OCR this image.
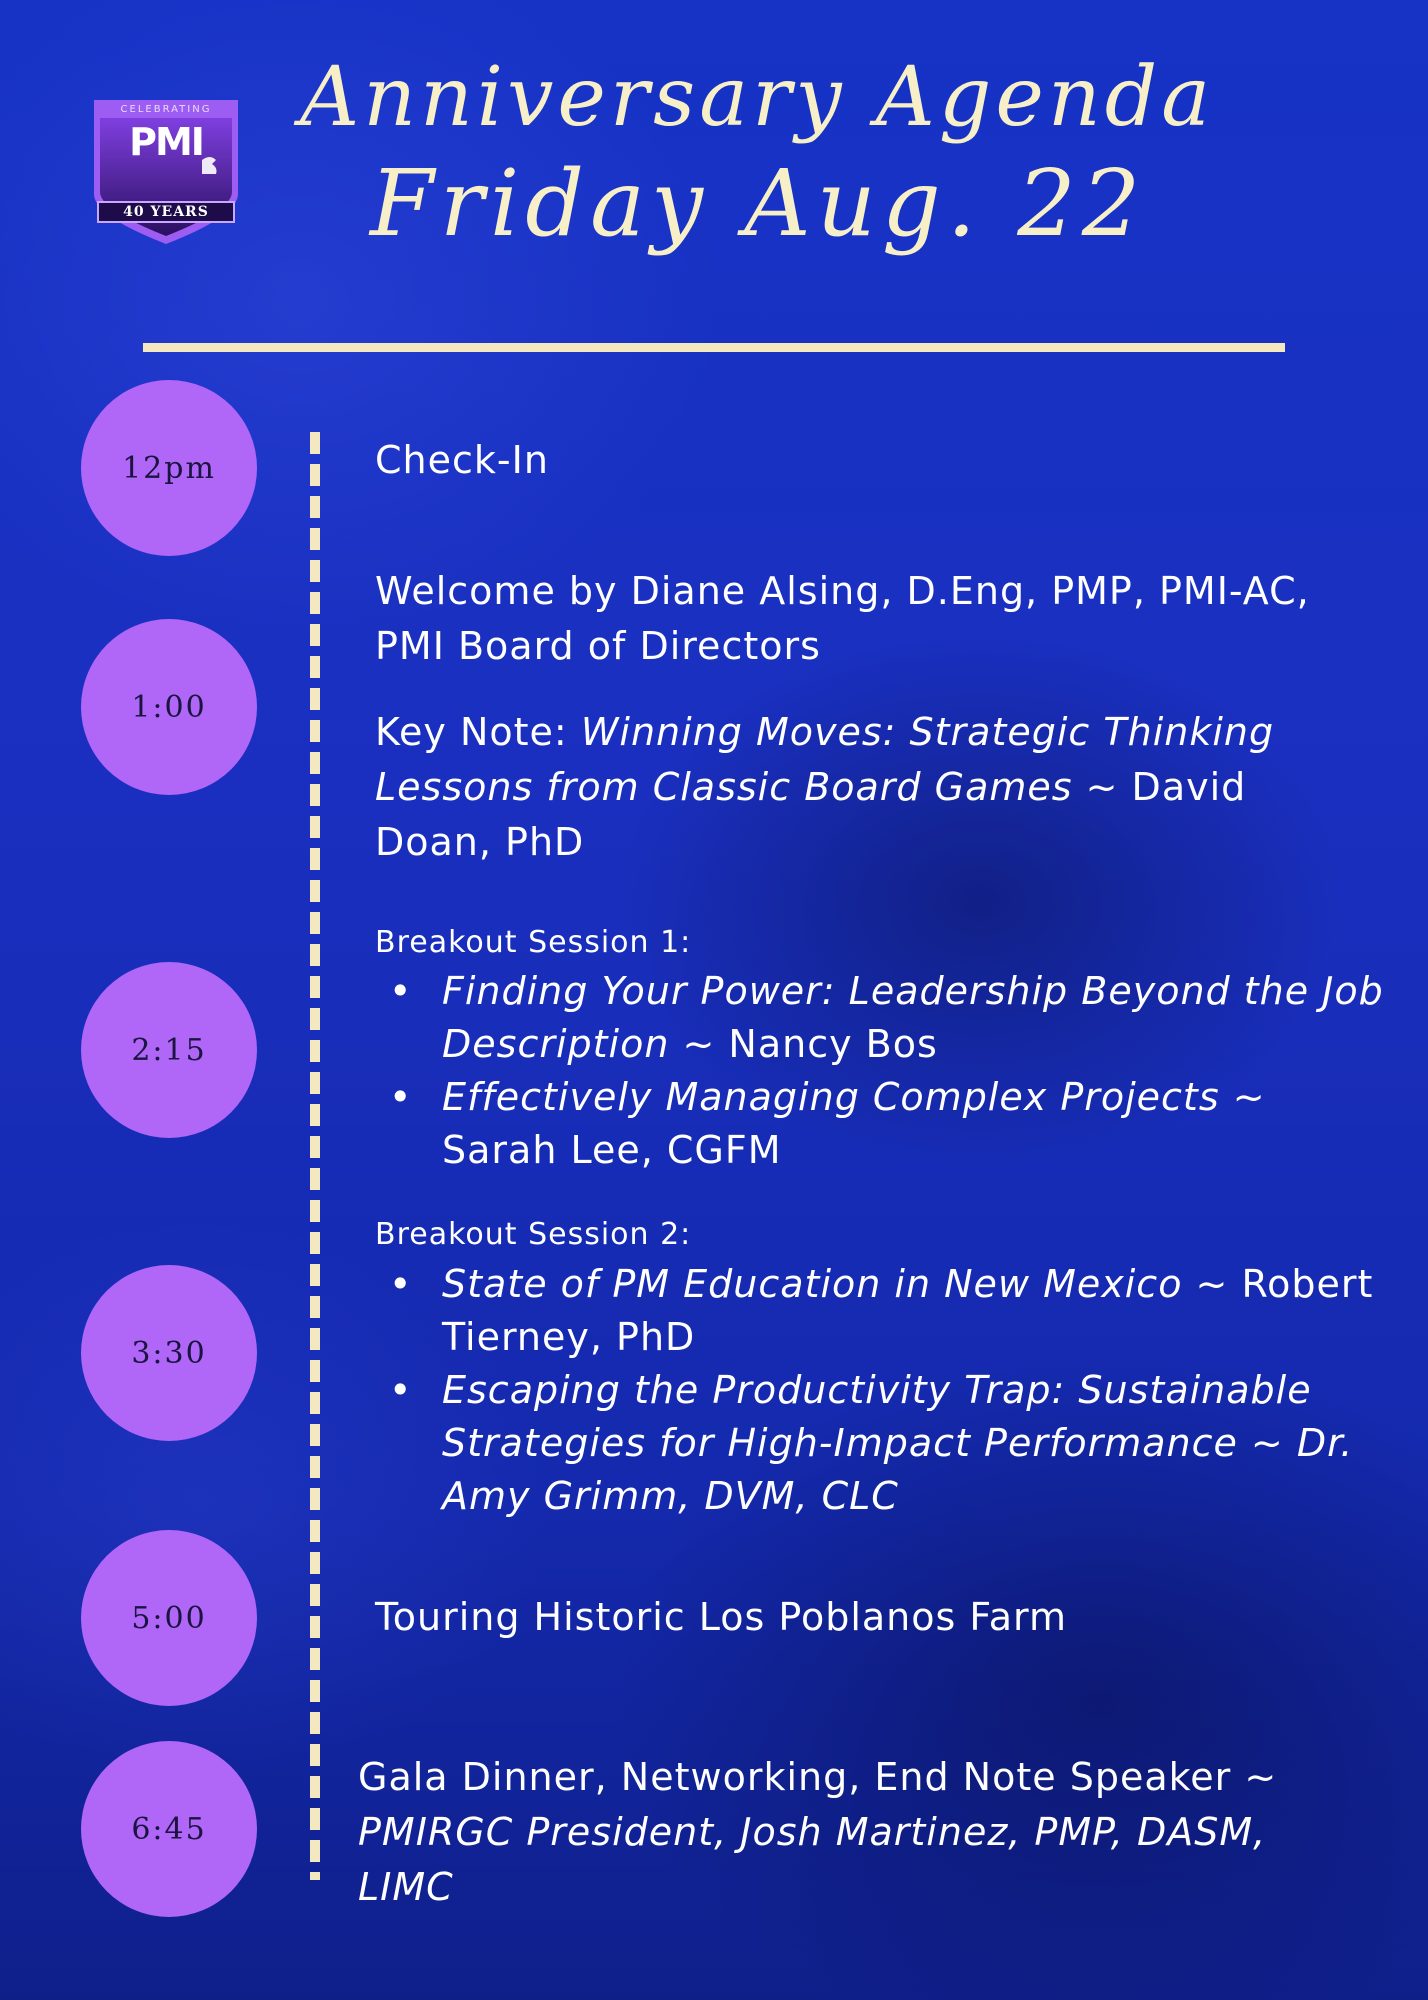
CELEBRATING
PMI
40 YEARS
Anniversary Agenda
Friday Aug. 22
12pm
1:00
2:15
3:30
5:00
6:45
Check-In
Welcome by Diane Alsing, D.Eng, PMP, PMI-AC, PMI Board of Directors
Key Note: Winning Moves: Strategic Thinking Lessons from Classic Board Games ~ David Doan, PhD
Breakout Session 1:
• Finding Your Power: Leadership Beyond the Job Description ~ Nancy Bos
• Effectively Managing Complex Projects ~ Sarah Lee, CGFM
Breakout Session 2:
• State of PM Education in New Mexico ~ Robert Tierney, PhD
• Escaping the Productivity Trap: Sustainable Strategies for High-Impact Performance ~ Dr. Amy Grimm, DVM, CLC
Touring Historic Los Poblanos Farm
Gala Dinner, Networking, End Note Speaker ~ PMIRGC President, Josh Martinez, PMP, DASM, LIMC
